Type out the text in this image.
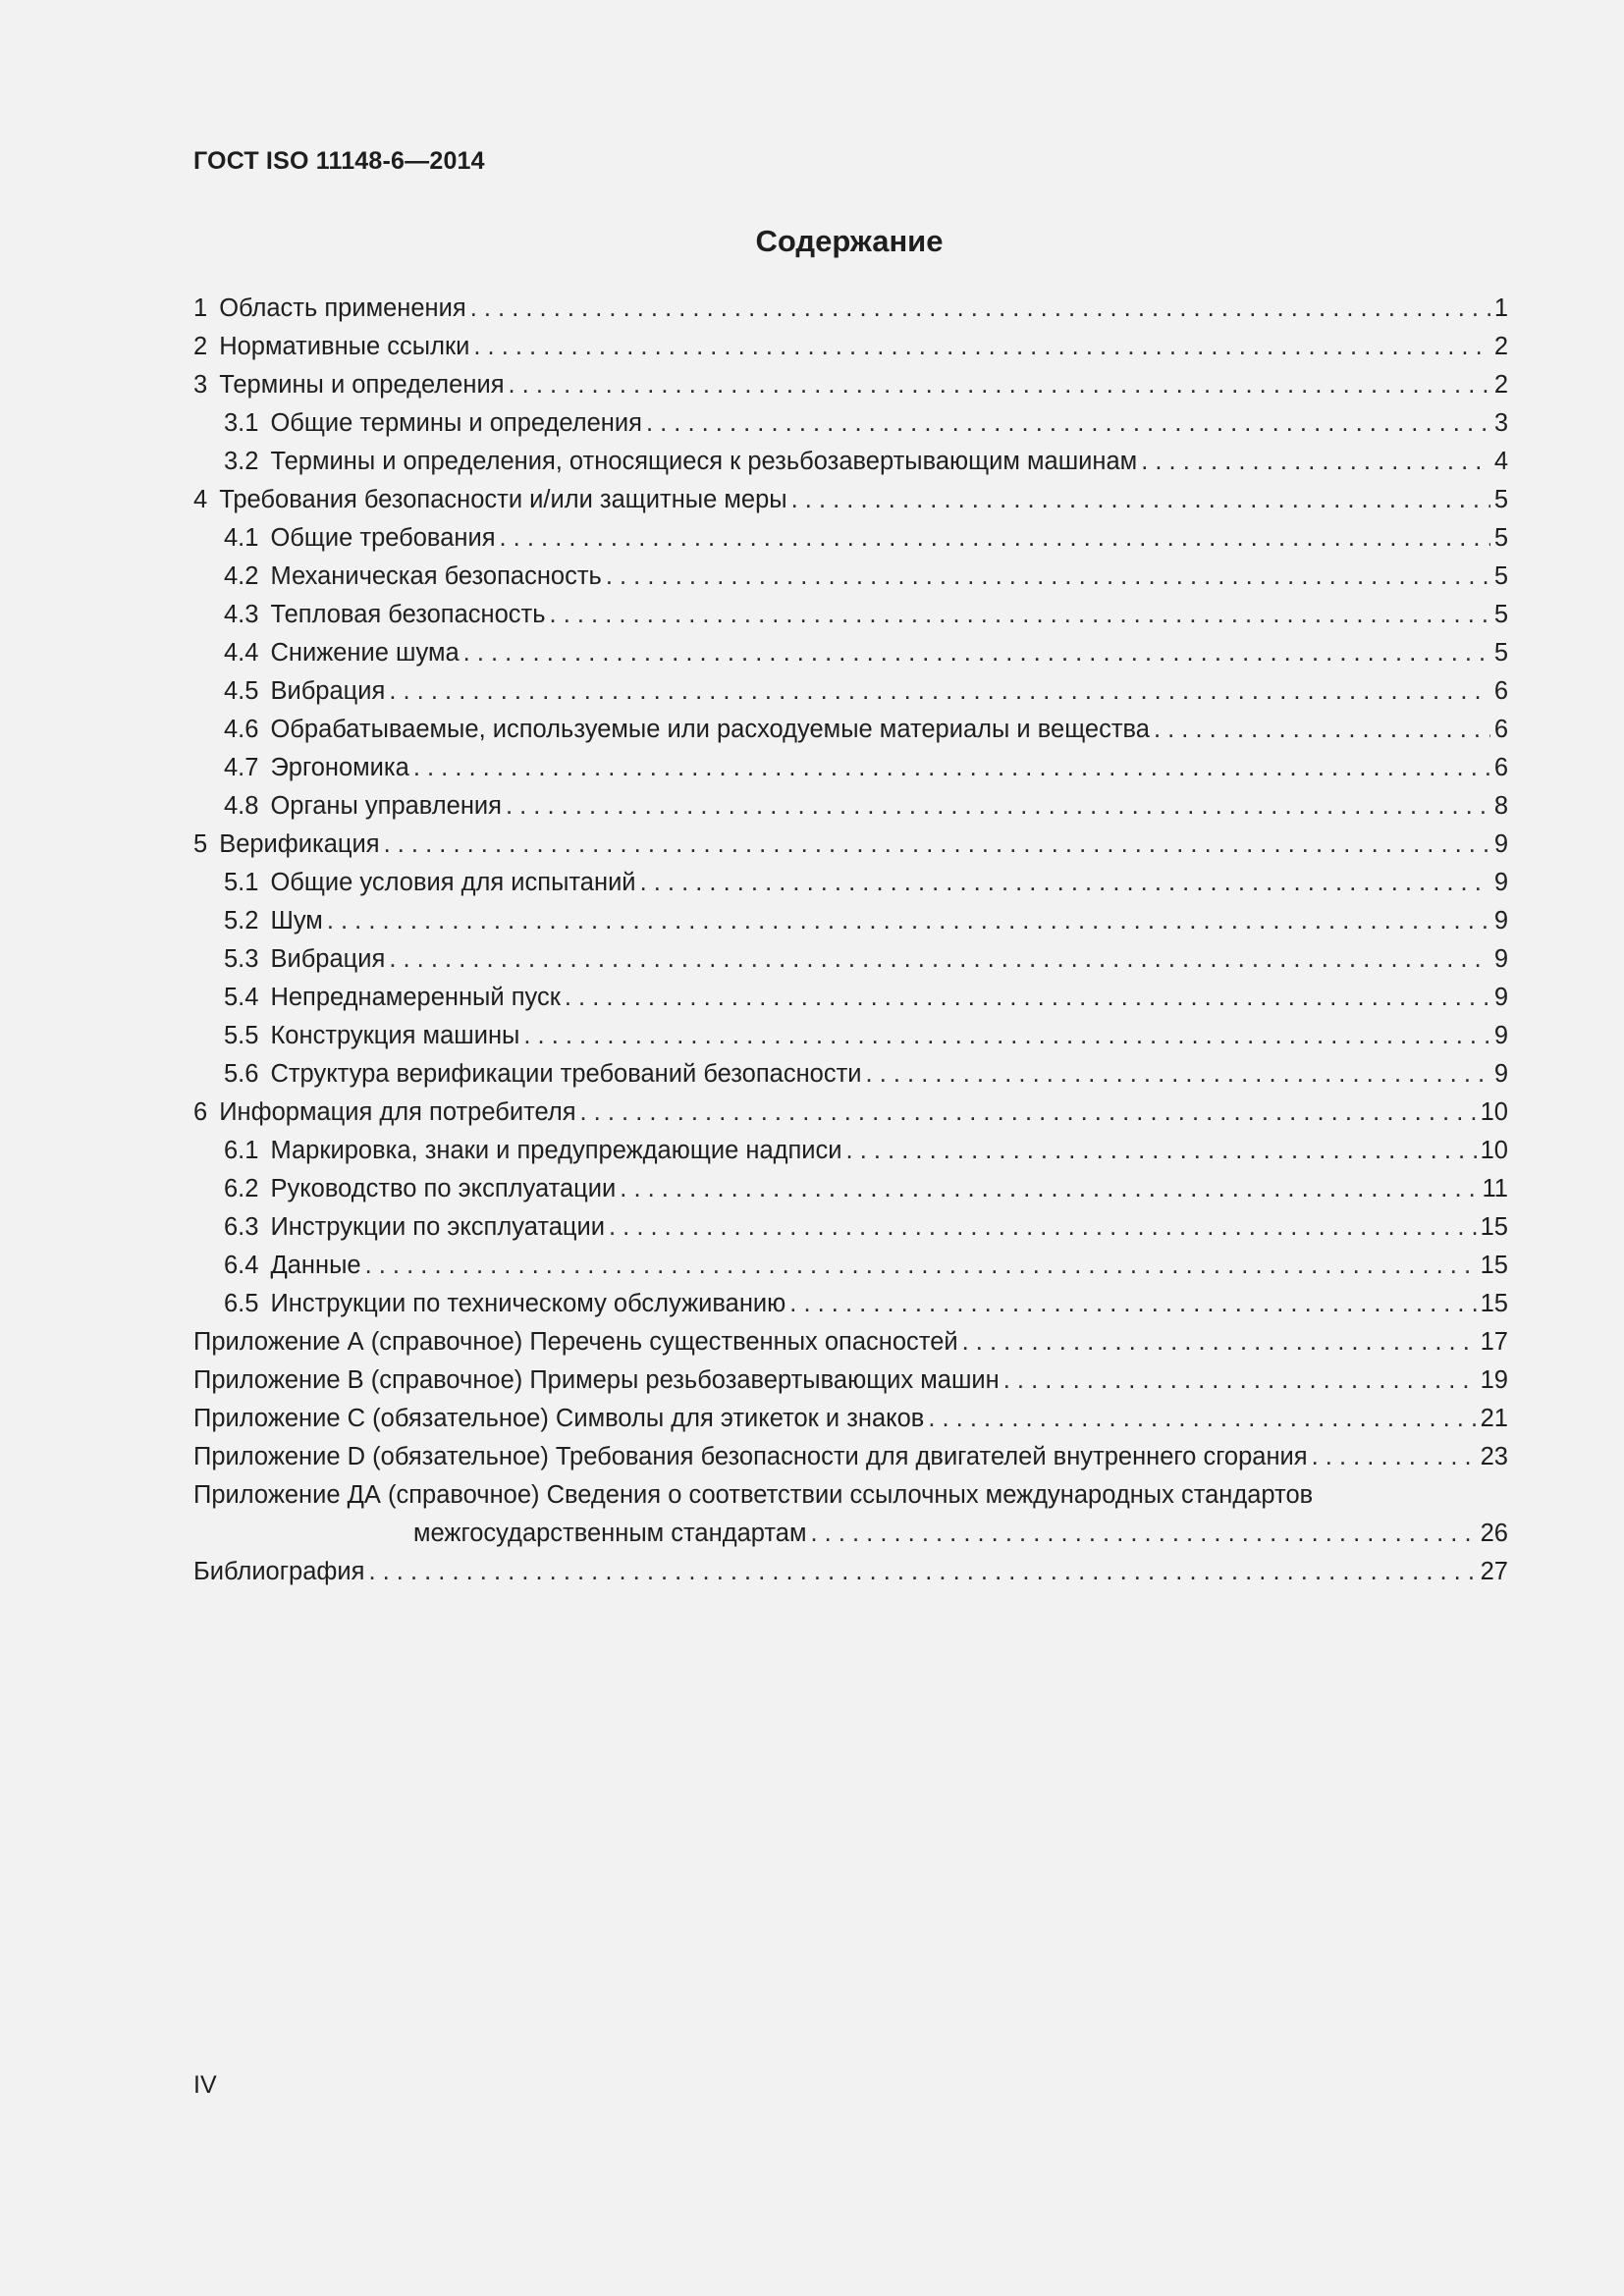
ГОСТ ISO 11148-6—2014
Содержание
1 Область применения . . .	1
2 Нормативные ссылки . . .	2
3 Термины и определения . . .	2
3.1 Общие термины и определения . . .	3
3.2 Термины и определения, относящиеся к резьбозавертывающим машинам . . .	4
4 Требования безопасности и/или защитные меры . . .	5
4.1 Общие требования . . .	5
4.2 Механическая безопасность . . .	5
4.3 Тепловая безопасность . . .	5
4.4 Снижение шума . . .	5
4.5 Вибрация . . .	6
4.6 Обрабатываемые, используемые или расходуемые материалы и вещества . . .	6
4.7 Эргономика . . .	6
4.8 Органы управления . . .	8
5 Верификация . . .	9
5.1 Общие условия для испытаний . . .	9
5.2 Шум . . .	9
5.3 Вибрация . . .	9
5.4 Непреднамеренный пуск . . .	9
5.5 Конструкция машины . . .	9
5.6 Структура верификации требований безопасности . . .	9
6 Информация для потребителя . . .	10
6.1 Маркировка, знаки и предупреждающие надписи . . .	10
6.2 Руководство по эксплуатации . . .	11
6.3 Инструкции по эксплуатации . . .	15
6.4 Данные . . .	15
6.5 Инструкции по техническому обслуживанию . . .	15
Приложение А (справочное) Перечень существенных опасностей . . .	17
Приложение В (справочное) Примеры резьбозавертывающих машин . . .	19
Приложение С (обязательное) Символы для этикеток и знаков . . .	21
Приложение D (обязательное) Требования безопасности для двигателей внутреннего сгорания . . .	23
Приложение ДА (справочное) Сведения о соответствии ссылочных международных стандартов
межгосударственным стандартам . . .	26
Библиография . . .	27
IV
